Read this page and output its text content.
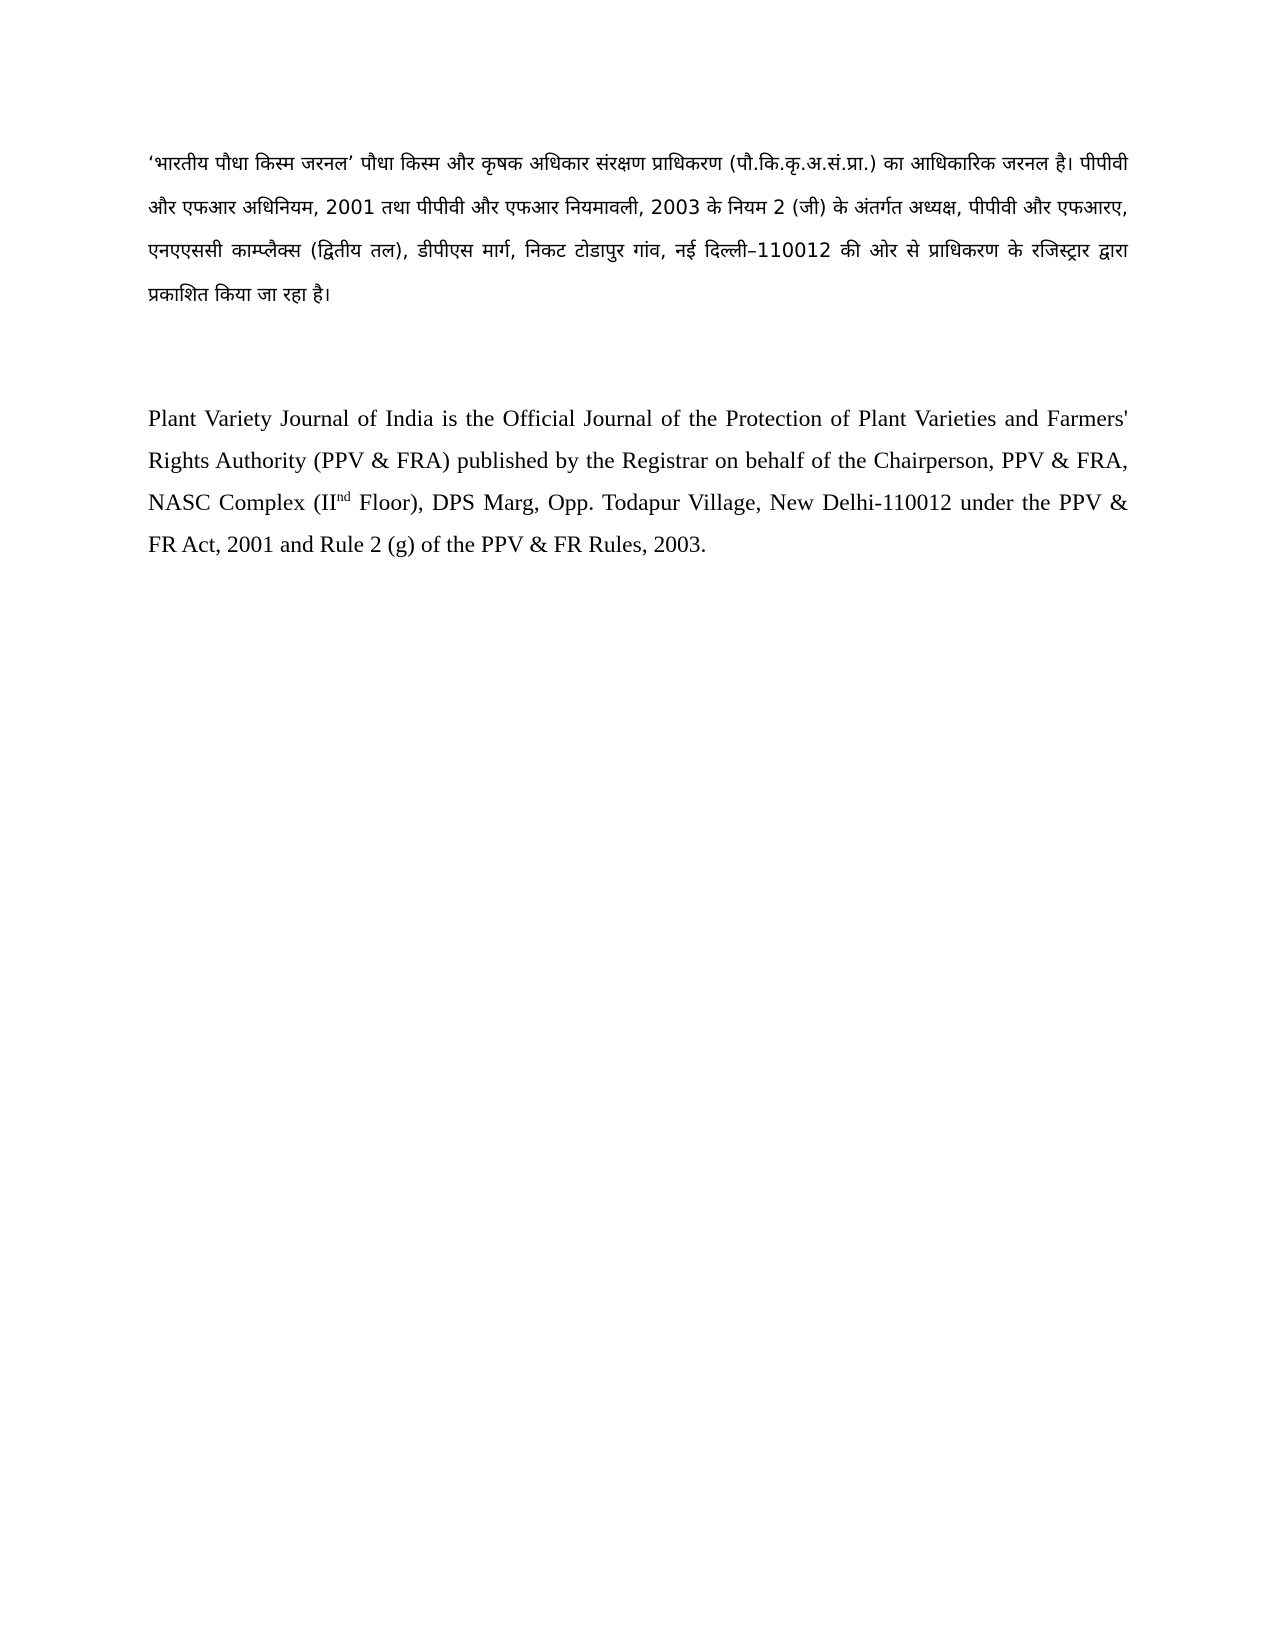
‘भारतीय पौधा किस्म जरनल’ पौधा किस्म और कृषक अधिकार संरक्षण प्राधिकरण (पौ.कि.कृ.अ.सं.प्रा.) का आधिकारिक जरनल है। पीपीवी और एफआर अधिनियम, 2001 तथा पीपीवी और एफआर नियमावली, 2003 के नियम 2 (जी) के अंतर्गत अध्यक्ष, पीपीवी और एफआरए, एनएएससी काम्प्लैक्स (द्वितीय तल), डीपीएस मार्ग, निकट टोडापुर गांव, नई दिल्ली–110012 की ओर से प्राधिकरण के रजिस्ट्रार द्वारा प्रकाशित किया जा रहा है।

Plant Variety Journal of India is the Official Journal of the Protection of Plant Varieties and Farmers' Rights Authority (PPV & FRA) published by the Registrar on behalf of the Chairperson, PPV & FRA, NASC Complex (IInd Floor), DPS Marg, Opp. Todapur Village, New Delhi-110012 under the PPV & FR Act, 2001 and Rule 2 (g) of the PPV & FR Rules, 2003.
